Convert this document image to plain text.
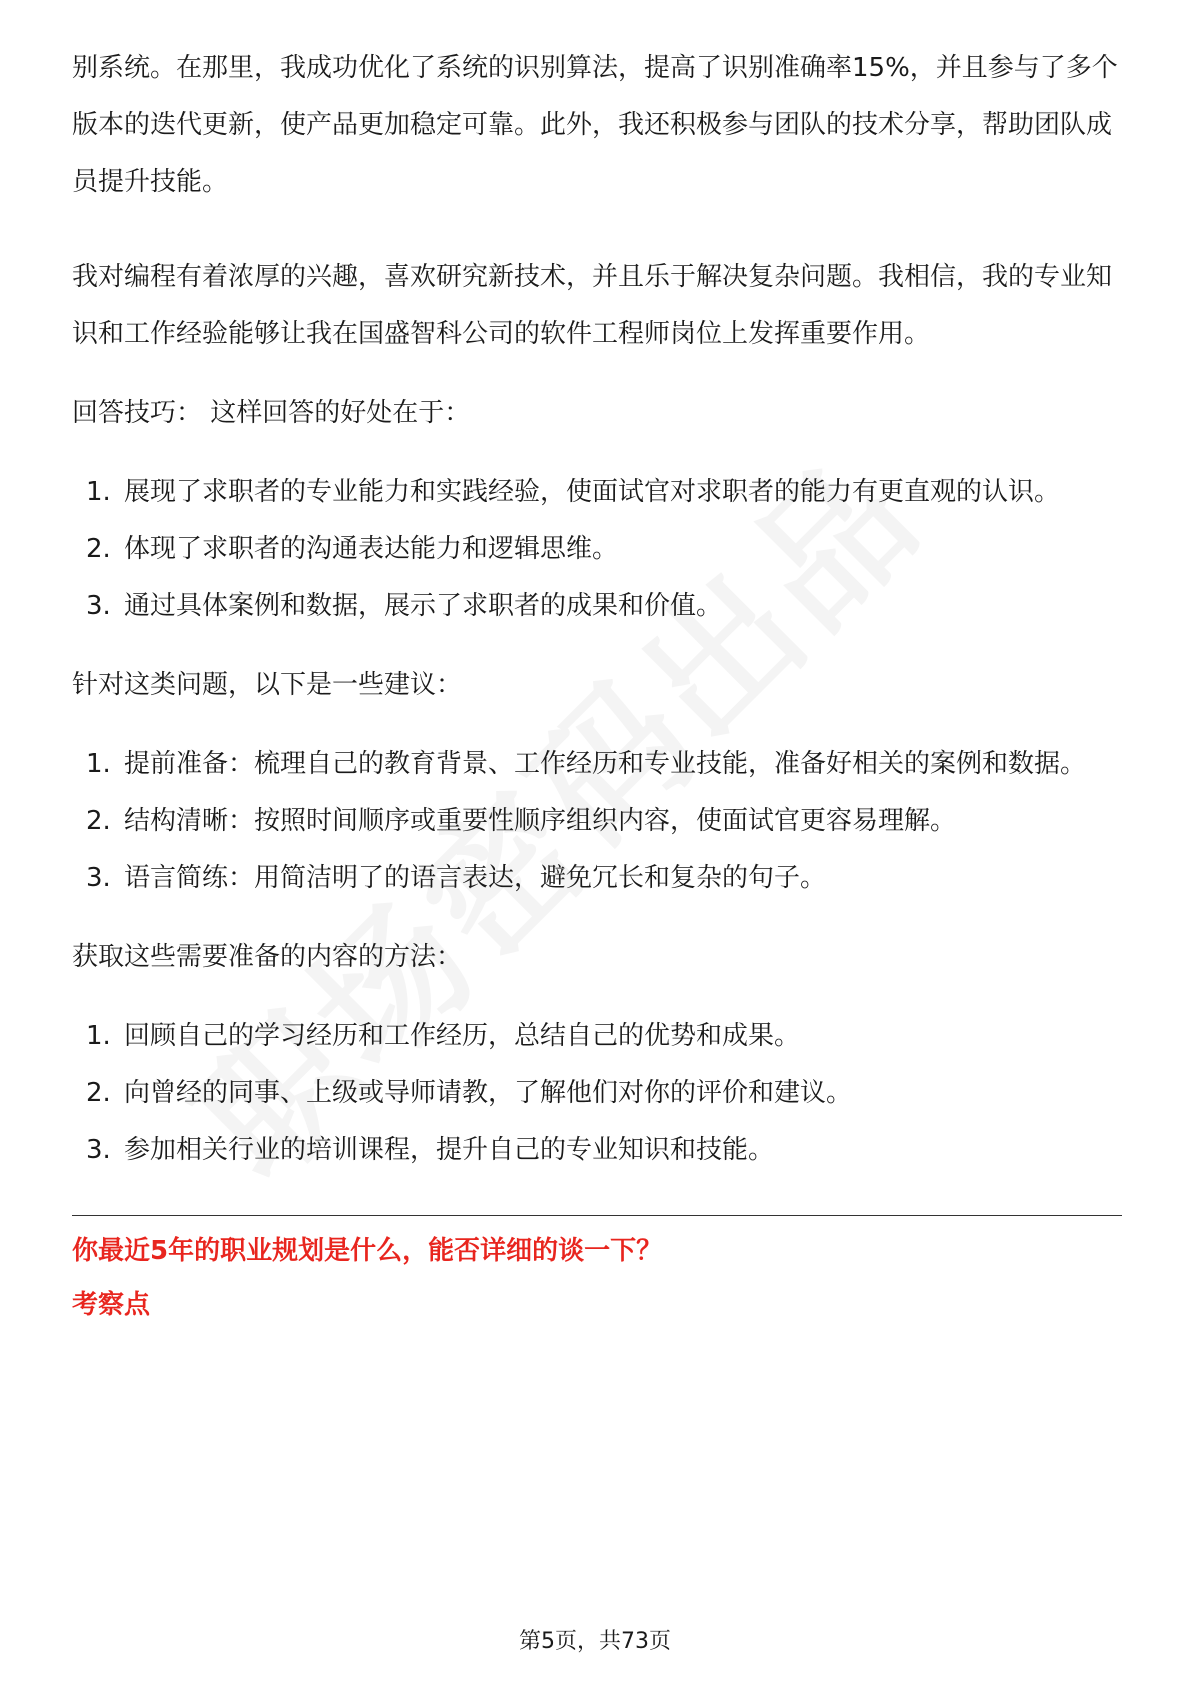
别系统。在那里，我成功优化了系统的识别算法，提高了识别准确率15%，并且参与了多个版本的迭代更新，使产品更加稳定可靠。此外，我还积极参与团队的技术分享，帮助团队成员提升技能。

我对编程有着浓厚的兴趣，喜欢研究新技术，并且乐于解决复杂问题。我相信，我的专业知识和工作经验能够让我在国盛智科公司的软件工程师岗位上发挥重要作用。

回答技巧： 这样回答的好处在于：

1. 展现了求职者的专业能力和实践经验，使面试官对求职者的能力有更直观的认识。
2. 体现了求职者的沟通表达能力和逻辑思维。
3. 通过具体案例和数据，展示了求职者的成果和价值。

针对这类问题，以下是一些建议：

1. 提前准备：梳理自己的教育背景、工作经历和专业技能，准备好相关的案例和数据。
2. 结构清晰：按照时间顺序或重要性顺序组织内容，使面试官更容易理解。
3. 语言简练：用简洁明了的语言表达，避免冗长和复杂的句子。

获取这些需要准备的内容的方法：

1. 回顾自己的学习经历和工作经历，总结自己的优势和成果。
2. 向曾经的同事、上级或导师请教，了解他们对你的评价和建议。
3. 参加相关行业的培训课程，提升自己的专业知识和技能。

你最近5年的职业规划是什么，能否详细的谈一下？

考察点

第5页，共73页
